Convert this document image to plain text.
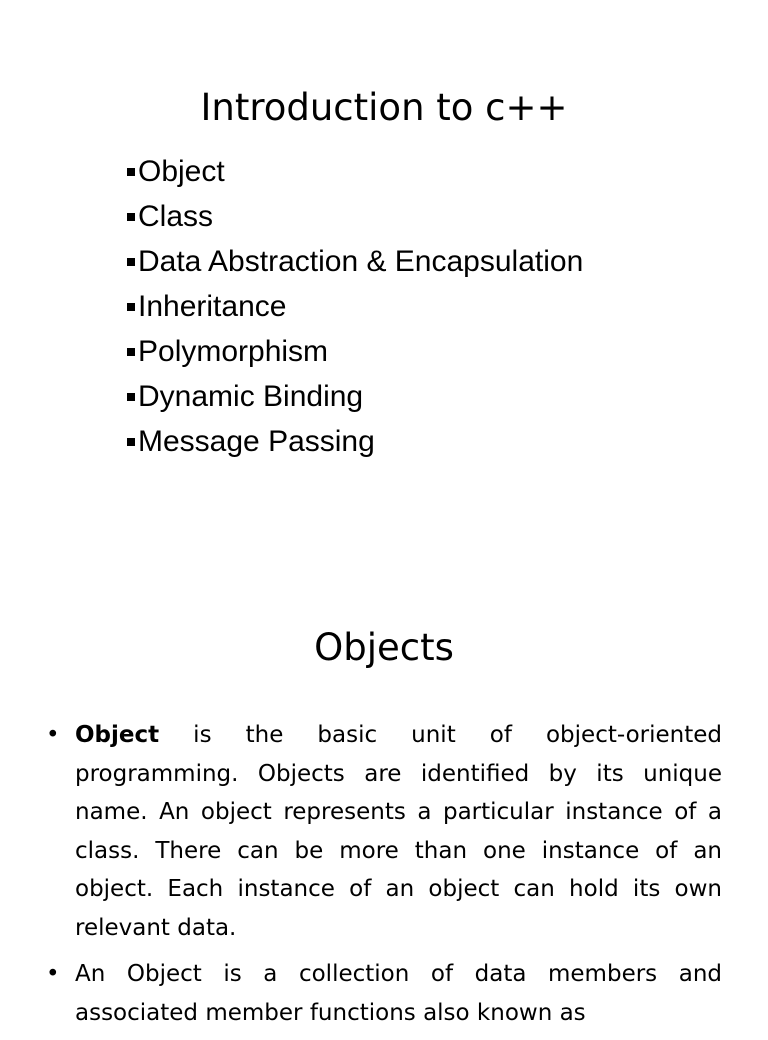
Introduction to c++
Object
Class
Data Abstraction & Encapsulation
Inheritance
Polymorphism
Dynamic Binding
Message Passing
Objects
• Object is the basic unit of object-oriented programming. Objects are identified by its unique name. An object represents a particular instance of a class. There can be more than one instance of an object. Each instance of an object can hold its own relevant data.
• An Object is a collection of data members and associated member functions also known as
